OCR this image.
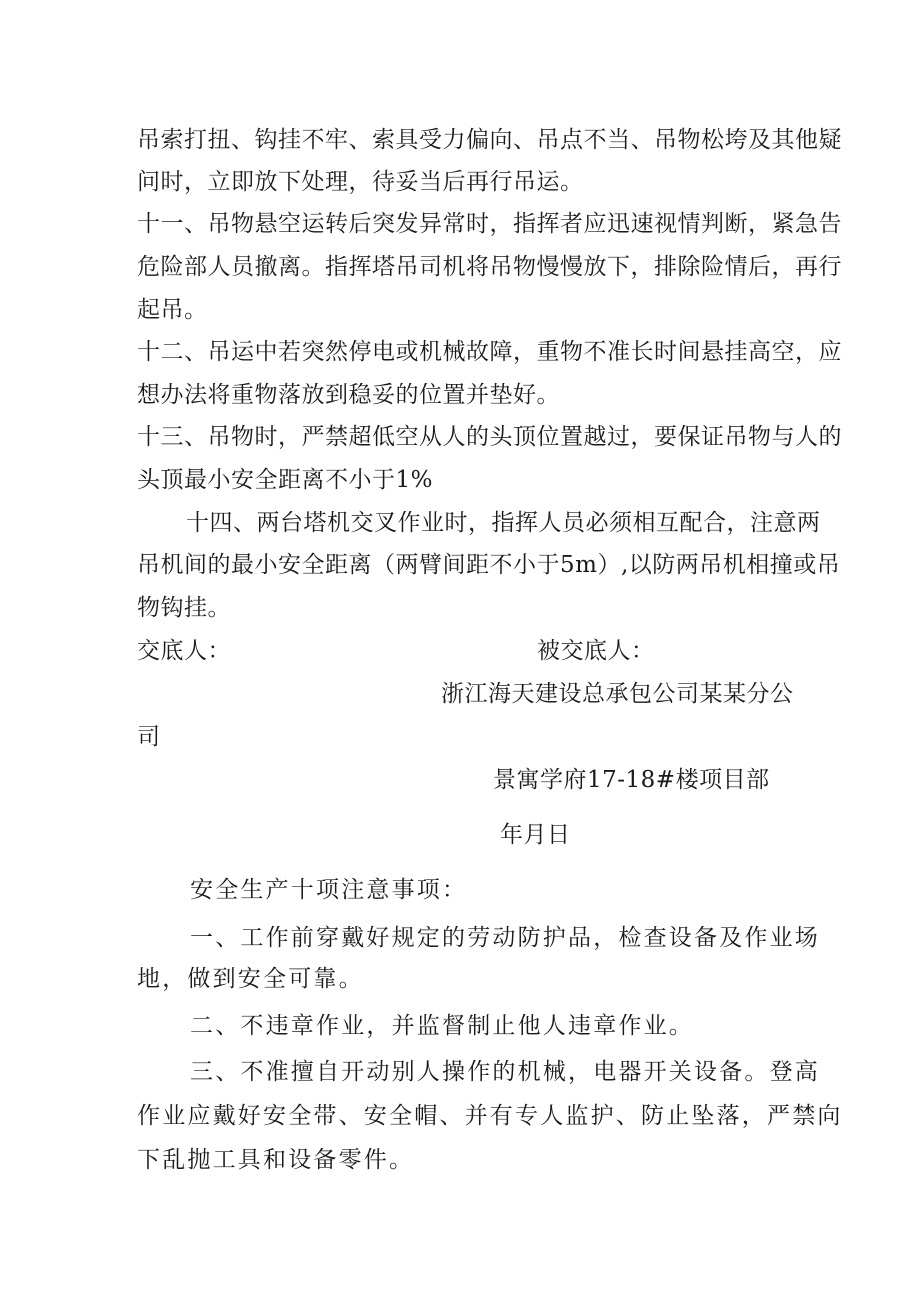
吊索打扭、钩挂不牢、索具受力偏向、吊点不当、吊物松垮及其他疑
问时，立即放下处理，待妥当后再行吊运。
十一、吊物悬空运转后突发异常时，指挥者应迅速视情判断，紧急告
危险部人员撤离。指挥塔吊司机将吊物慢慢放下，排除险情后，再行
起吊。
十二、吊运中若突然停电或机械故障，重物不准长时间悬挂高空，应
想办法将重物落放到稳妥的位置并垫好。
十三、吊物时，严禁超低空从人的头顶位置越过，要保证吊物与人的
头顶最小安全距离不小于1%
十四、两台塔机交叉作业时，指挥人员必须相互配合，注意两
吊机间的最小安全距离（两臂间距不小于5m）,以防两吊机相撞或吊
物钩挂。
交底人：	被交底人：
浙江海天建设总承包公司某某分公
司
景寓学府17-18#楼项目部
年月日
安全生产十项注意事项：
一、工作前穿戴好规定的劳动防护品，检查设备及作业场
地，做到安全可靠。
二、不违章作业，并监督制止他人违章作业。
三、不准擅自开动别人操作的机械，电器开关设备。登高
作业应戴好安全带、安全帽、并有专人监护、防止坠落，严禁向
下乱抛工具和设备零件。
